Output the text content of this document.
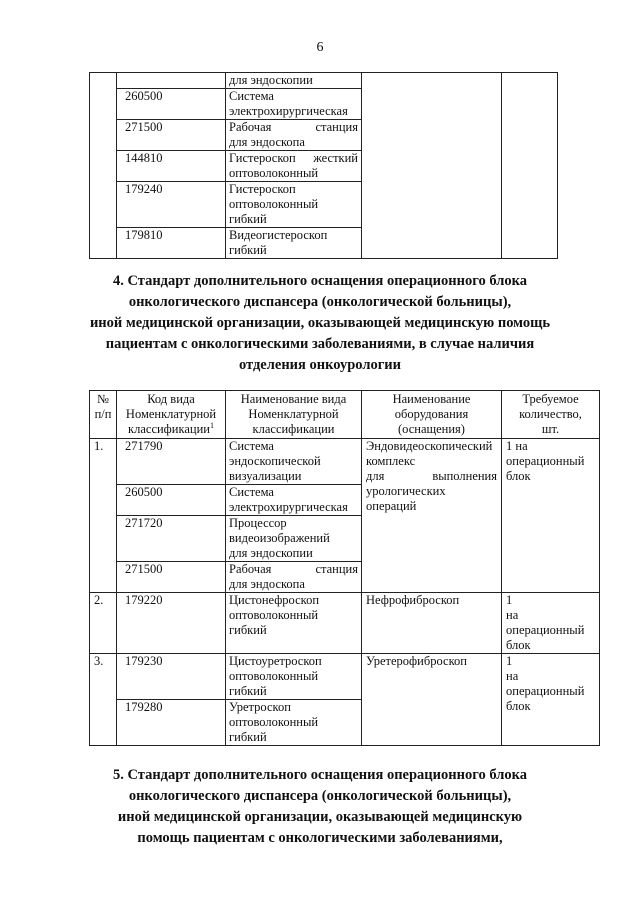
6

		для эндоскопии		

	260500	Система
электрохирургическая		

	271500	Рабочая станция
для эндоскопа		

	144810	Гистероскоп жесткий
оптоволоконный		

	179240	Гистероскоп
оптоволоконный
гибкий		

	179810	Видеогистероскоп
гибкий		
4. Стандарт дополнительного оснащения операционного блока
онкологического диспансера (онкологической больницы),
иной медицинской организации, оказывающей медицинскую помощь
пациентам с онкологическими заболеваниями, в случае наличия
отделения онкоурологии
№
п/п	Код вида
Номенклатурной
классификации$^1$	Наименование вида
Номенклатурной
классификации	Наименование
оборудования
(оснащения)	Требуемое
количество,
шт.

1.	271790	Система
эндоскопической
визуализации	Эндовидеоскопический
комплекс
для выполнения
урологических
операций	1 на
операционный
блок

	260500	Система
электрохирургическая		

	271720	Процессор
видеоизображений
для эндоскопии		

	271500	Рабочая станция
для эндоскопа		

2.	179220	Цистонефроскоп
оптоволоконный
гибкий	Нефрофиброскоп	1
на
операционный
блок

3.	179230	Цистоуретроскоп
оптоволоконный
гибкий	Уретерофиброскоп	1
на
операционный
блок

	179280	Уретроскоп
оптоволоконный
гибкий		
5. Стандарт дополнительного оснащения операционного блока
онкологического диспансера (онкологической больницы),
иной медицинской организации, оказывающей медицинскую
помощь пациентам с онкологическими заболеваниями,
